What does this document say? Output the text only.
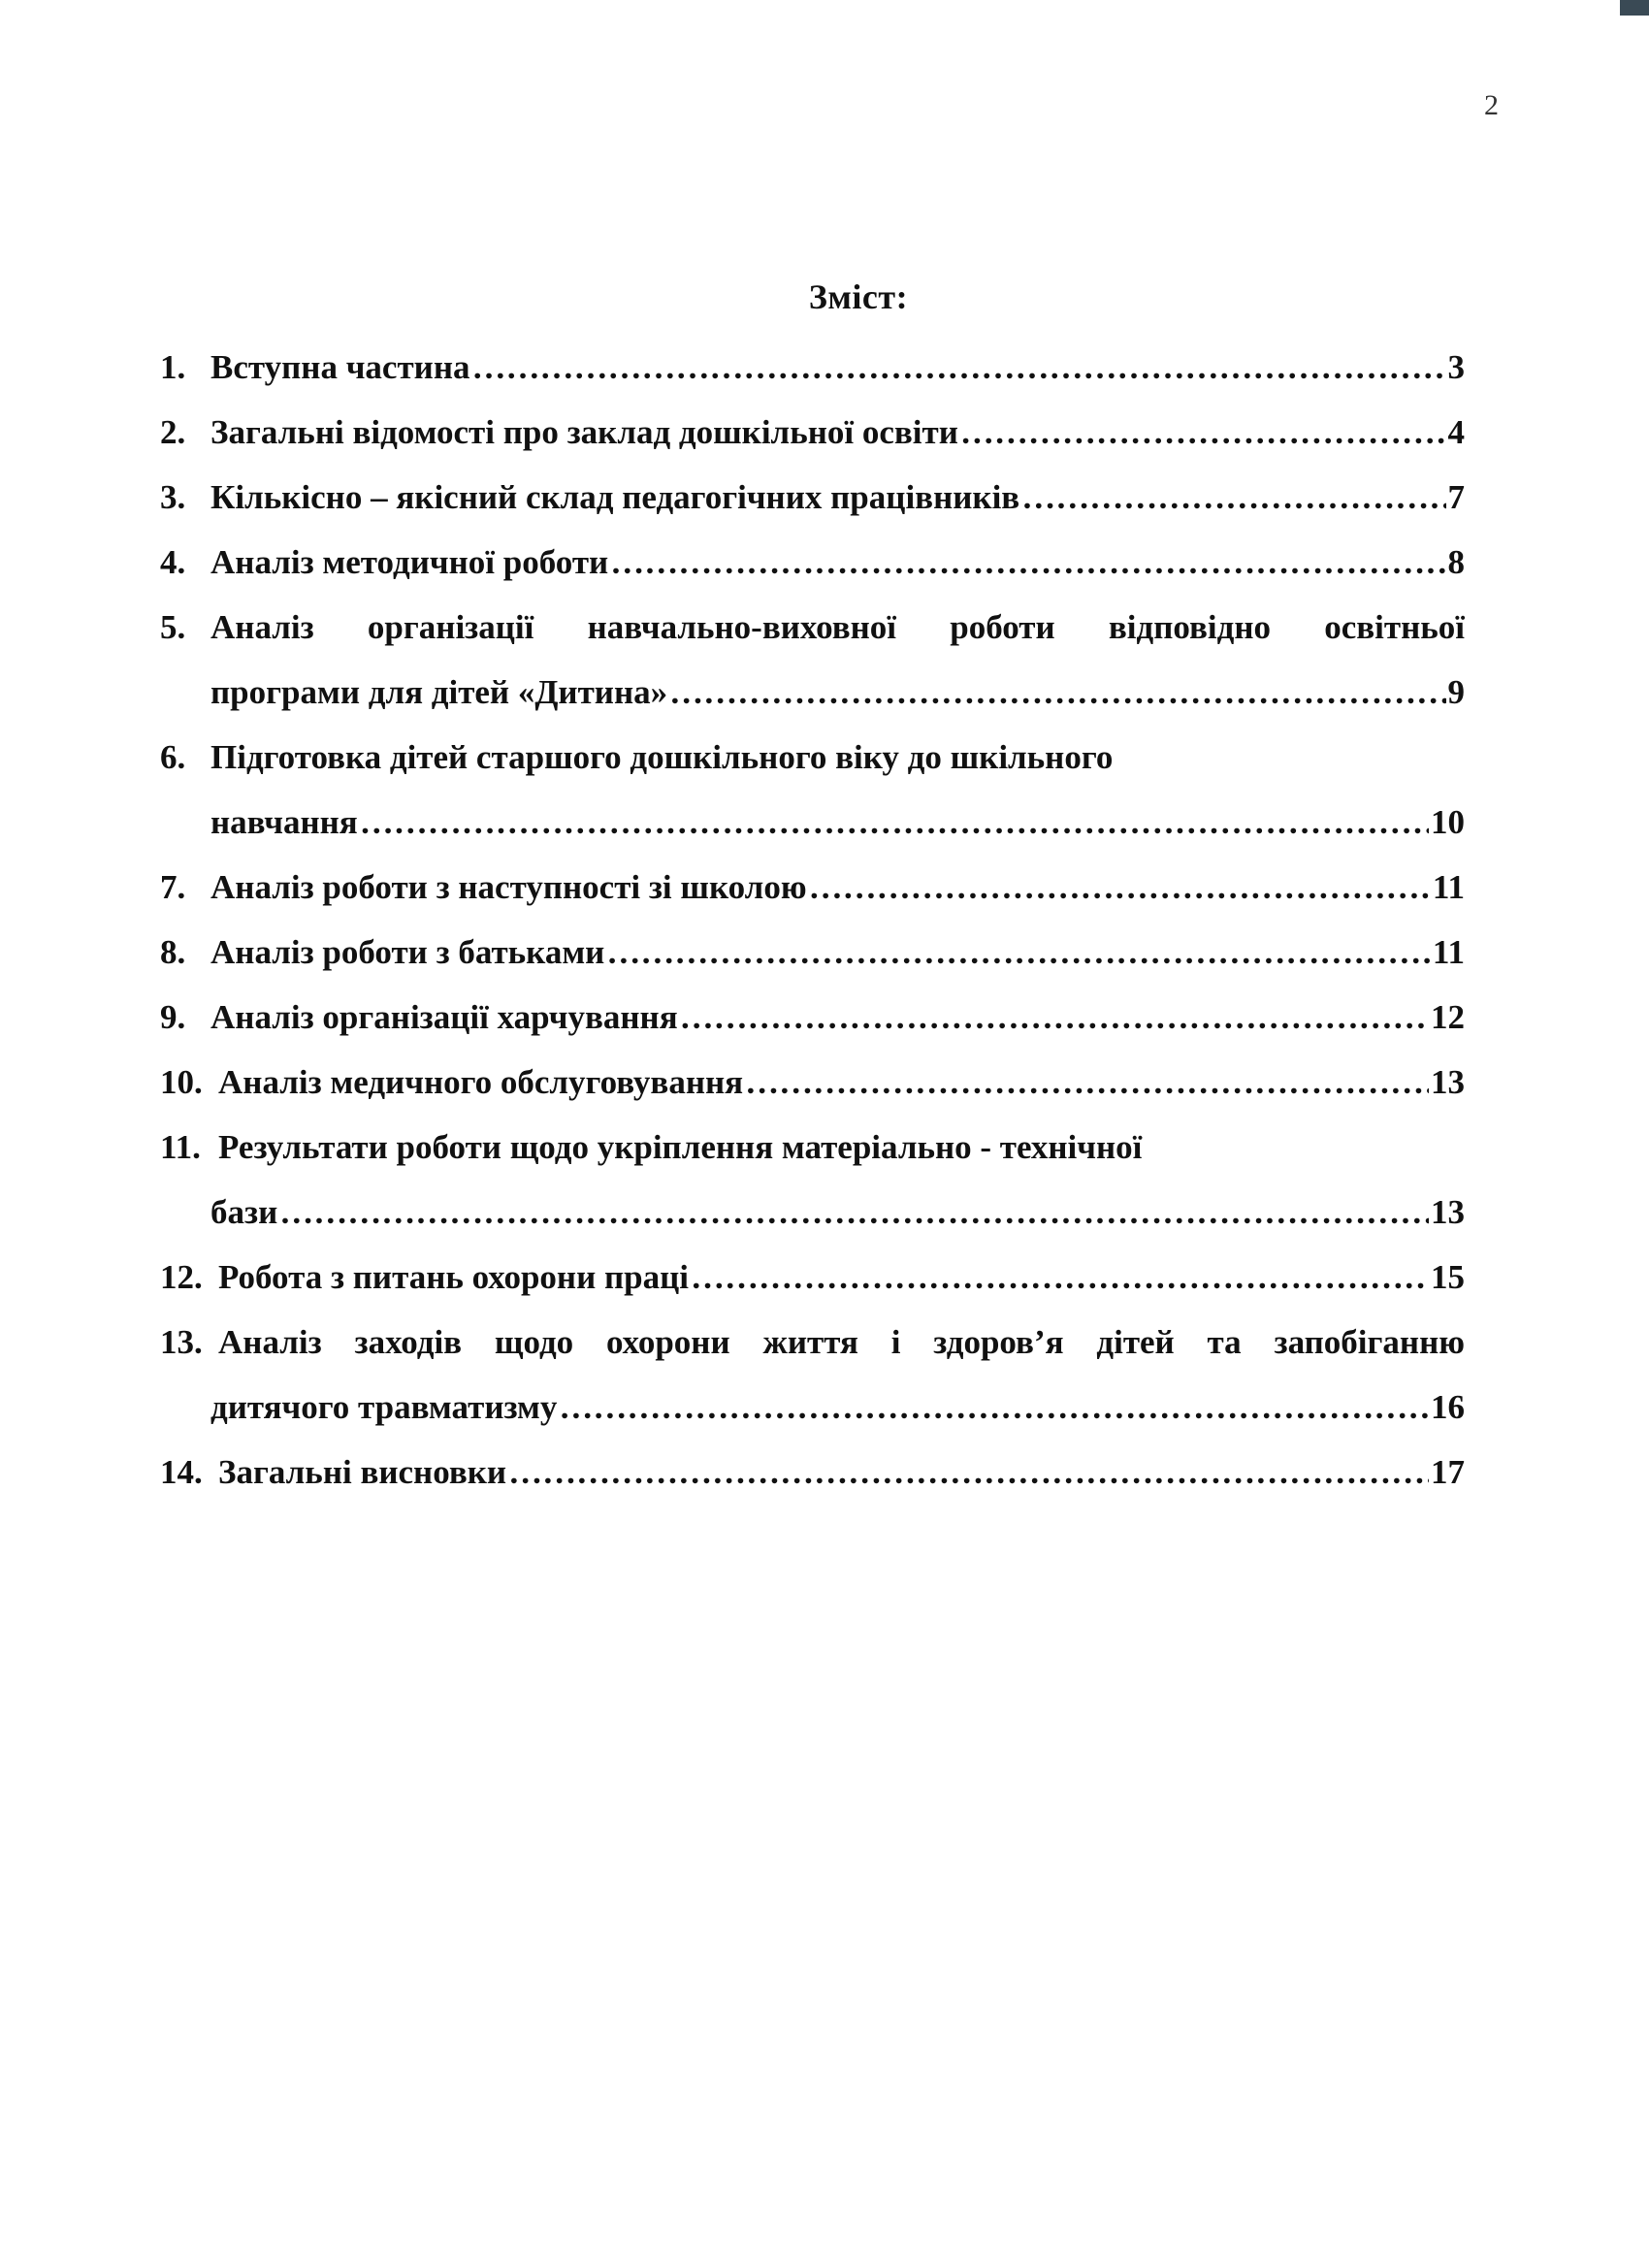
2
Зміст:
1. Вступна частина ……………………………………………………………………………………………………………………………………………………………………………………	3
2. Загальні відомості про заклад дошкільної освіти ……………………………………………………………………………………………………………………………………………………………………………………	4
3. Кількісно – якісний склад педагогічних працівників ……………………………………………………………………………………………………………………………………………………………………………………	7
4. Аналіз методичної роботи ……………………………………………………………………………………………………………………………………………………………………………………	8
5. Аналіз організації навчально-виховної роботи відповідно освітньої
програми для дітей «Дитина» ……………………………………………………………………………………………………………………………………………………………………………………	9
6. Підготовка дітей старшого дошкільного віку до шкільного
навчання ……………………………………………………………………………………………………………………………………………………………………………………	10
7. Аналіз роботи з наступності зі школою ……………………………………………………………………………………………………………………………………………………………………………………	11
8. Аналіз роботи з батьками ……………………………………………………………………………………………………………………………………………………………………………………	11
9. Аналіз організації харчування ……………………………………………………………………………………………………………………………………………………………………………………	12
10. Аналіз медичного обслуговування ……………………………………………………………………………………………………………………………………………………………………………………	13
11. Результати роботи щодо укріплення матеріально - технічної
бази ……………………………………………………………………………………………………………………………………………………………………………………	13
12. Робота з питань охорони праці ……………………………………………………………………………………………………………………………………………………………………………………	15
13. Аналіз заходів щодо охорони життя і здоров’я дітей та запобіганню
дитячого травматизму ……………………………………………………………………………………………………………………………………………………………………………………	16
14. Загальні висновки ……………………………………………………………………………………………………………………………………………………………………………………	17
